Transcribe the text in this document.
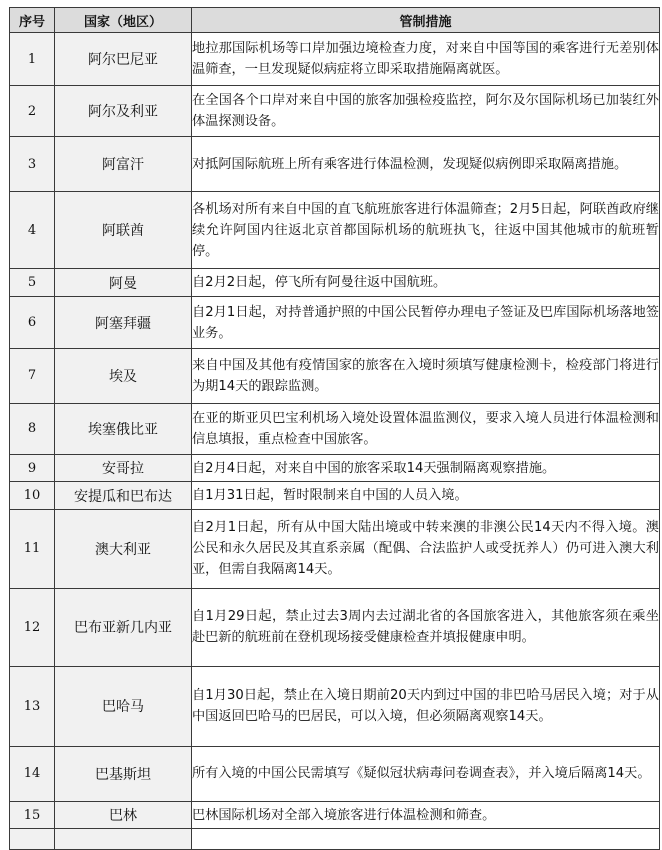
序号	国家（地区）	管制措施
1	阿尔巴尼亚	地拉那国际机场等口岸加强边境检查力度，对来自中国等国的乘客进行无差别体温筛查，一旦发现疑似病症将立即采取措施隔离就医。
2	阿尔及利亚	在全国各个口岸对来自中国的旅客加强检疫监控，阿尔及尔国际机场已加装红外体温探测设备。
3	阿富汗	对抵阿国际航班上所有乘客进行体温检测，发现疑似病例即采取隔离措施。
4	阿联酋	各机场对所有来自中国的直飞航班旅客进行体温筛查；2月5日起，阿联酋政府继续允许阿国内往返北京首都国际机场的航班执飞，往返中国其他城市的航班暂停。
5	阿曼	自2月2日起，停飞所有阿曼往返中国航班。
6	阿塞拜疆	自2月1日起，对持普通护照的中国公民暂停办理电子签证及巴库国际机场落地签业务。
7	埃及	来自中国及其他有疫情国家的旅客在入境时须填写健康检测卡，检疫部门将进行为期14天的跟踪监测。
8	埃塞俄比亚	在亚的斯亚贝巴宝利机场入境处设置体温监测仪，要求入境人员进行体温检测和信息填报，重点检查中国旅客。
9	安哥拉	自2月4日起，对来自中国的旅客采取14天强制隔离观察措施。
10	安提瓜和巴布达	自1月31日起，暂时限制来自中国的人员入境。
11	澳大利亚	自2月1日起，所有从中国大陆出境或中转来澳的非澳公民14天内不得入境。澳公民和永久居民及其直系亲属（配偶、合法监护人或受抚养人）仍可进入澳大利亚，但需自我隔离14天。
12	巴布亚新几内亚	自1月29日起，禁止过去3周内去过湖北省的各国旅客进入，其他旅客须在乘坐赴巴新的航班前在登机现场接受健康检查并填报健康申明。
13	巴哈马	自1月30日起，禁止在入境日期前20天内到过中国的非巴哈马居民入境；对于从中国返回巴哈马的巴居民，可以入境，但必须隔离观察14天。
14	巴基斯坦	所有入境的中国公民需填写《疑似冠状病毒问卷调查表》，并入境后隔离14天。
15	巴林	巴林国际机场对全部入境旅客进行体温检测和筛查。
